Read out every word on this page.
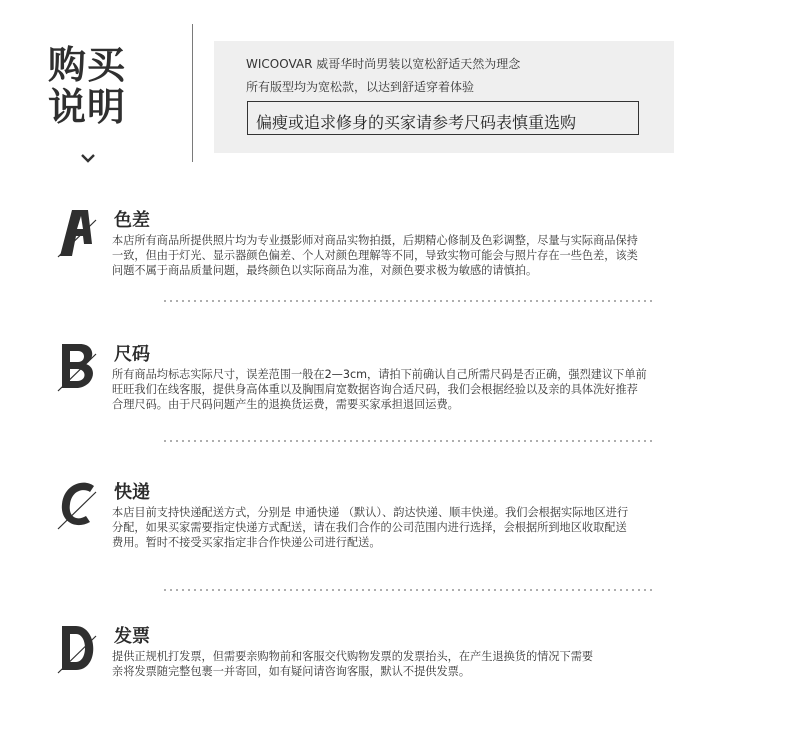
购买
说明
WICOOVAR 威哥华时尚男装以宽松舒适天然为理念
所有版型均为宽松款，以达到舒适穿着体验
偏瘦或追求修身的买家请参考尺码表慎重选购
色差

本店所有商品所提供照片均为专业摄影师对商品实物拍摄，后期精心修制及色彩调整，尽量与实际商品保持

一致，但由于灯光、显示器颜色偏差、个人对颜色理解等不同，导致实物可能会与照片存在一些色差，该类

问题不属于商品质量问题，最终颜色以实际商品为准，对颜色要求极为敏感的请慎拍。

尺码

所有商品均标志实际尺寸，误差范围一般在2—3cm，请拍下前确认自己所需尺码是否正确，强烈建议下单前

旺旺我们在线客服，提供身高体重以及胸围肩宽数据咨询合适尺码，我们会根据经验以及亲的具体洗好推荐

合理尺码。由于尺码问题产生的退换货运费，需要买家承担退回运费。

快递

本店目前支持快递配送方式，分别是 申通快递 （默认）、韵达快递、顺丰快递。我们会根据实际地区进行

分配，如果买家需要指定快递方式配送，请在我们合作的公司范围内进行选择，会根据所到地区收取配送

费用。暂时不接受买家指定非合作快递公司进行配送。

发票

提供正规机打发票，但需要亲购物前和客服交代购物发票的发票抬头，在产生退换货的情况下需要

亲将发票随完整包裹一并寄回，如有疑问请咨询客服，默认不提供发票。
